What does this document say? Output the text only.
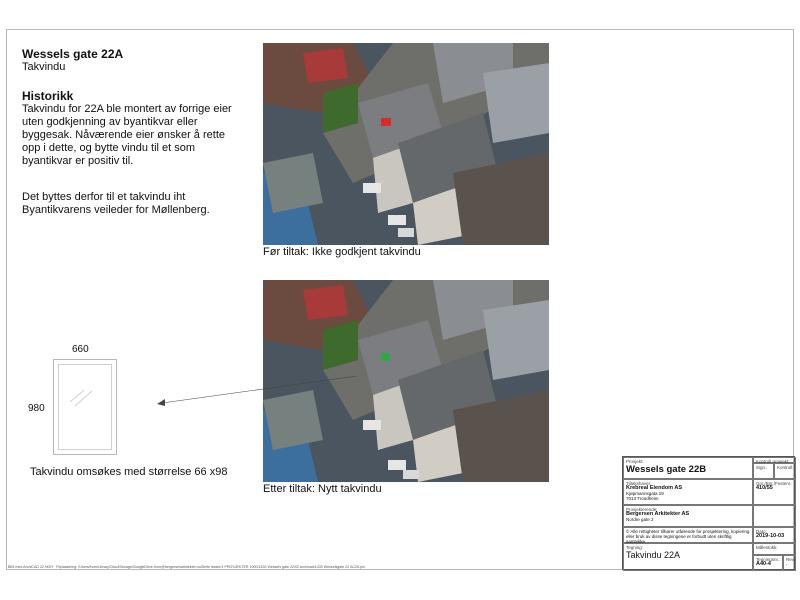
Wessels gate 22A
Takvindu
Historikk
Takvindu for 22A ble montert av forrige eier uten godkjenning av byantikvar eller byggesak. Nåværende eier ønsker å rette opp i dette, og bytte vindu til et som byantikvar er positiv til.
Det byttes derfor til et takvindu iht Byantikvarens veileder for Møllenberg.
Før tiltak: Ikke godkjent takvindu
Etter tiltak: Nytt takvindu
660
980
Takvindu omsøkes med størrelse 66 x98
Prosjekt:
Wessels gate 22B
Kontroll prosjekt:
Sign.:	Kontroll:
Tiltakshaver:
Krebreal Eiendom AS
Kjøpmannsgata 19
7013 Trondheim
Gnr./Bnr./Festenr.:
410/55
Prosjekterende:
Bergersen Arkitekter AS
Nordre gate 2
© Alle rettigheter tilhører utførende for prosjektering, kopiering eller bruk av disse tegningene er forbudt uten skriftlig samtykke
Dato:
2019-10-03
Tegning:
Takvindu 22A
Målestokk:
Tegningsnr.:
A40-4
Rev.:
-
BIM med ArchiCAD 22 NOR · Filplassering: /Users/from/Library/CloudStorage/GoogleDrive-from@bergersenarkitekter.no/Delte disker/1 PROSJEKTER 1900/1430 Wessels gate 22/02 Archicad/1430 Wesselsgate 22 AC26.pln
